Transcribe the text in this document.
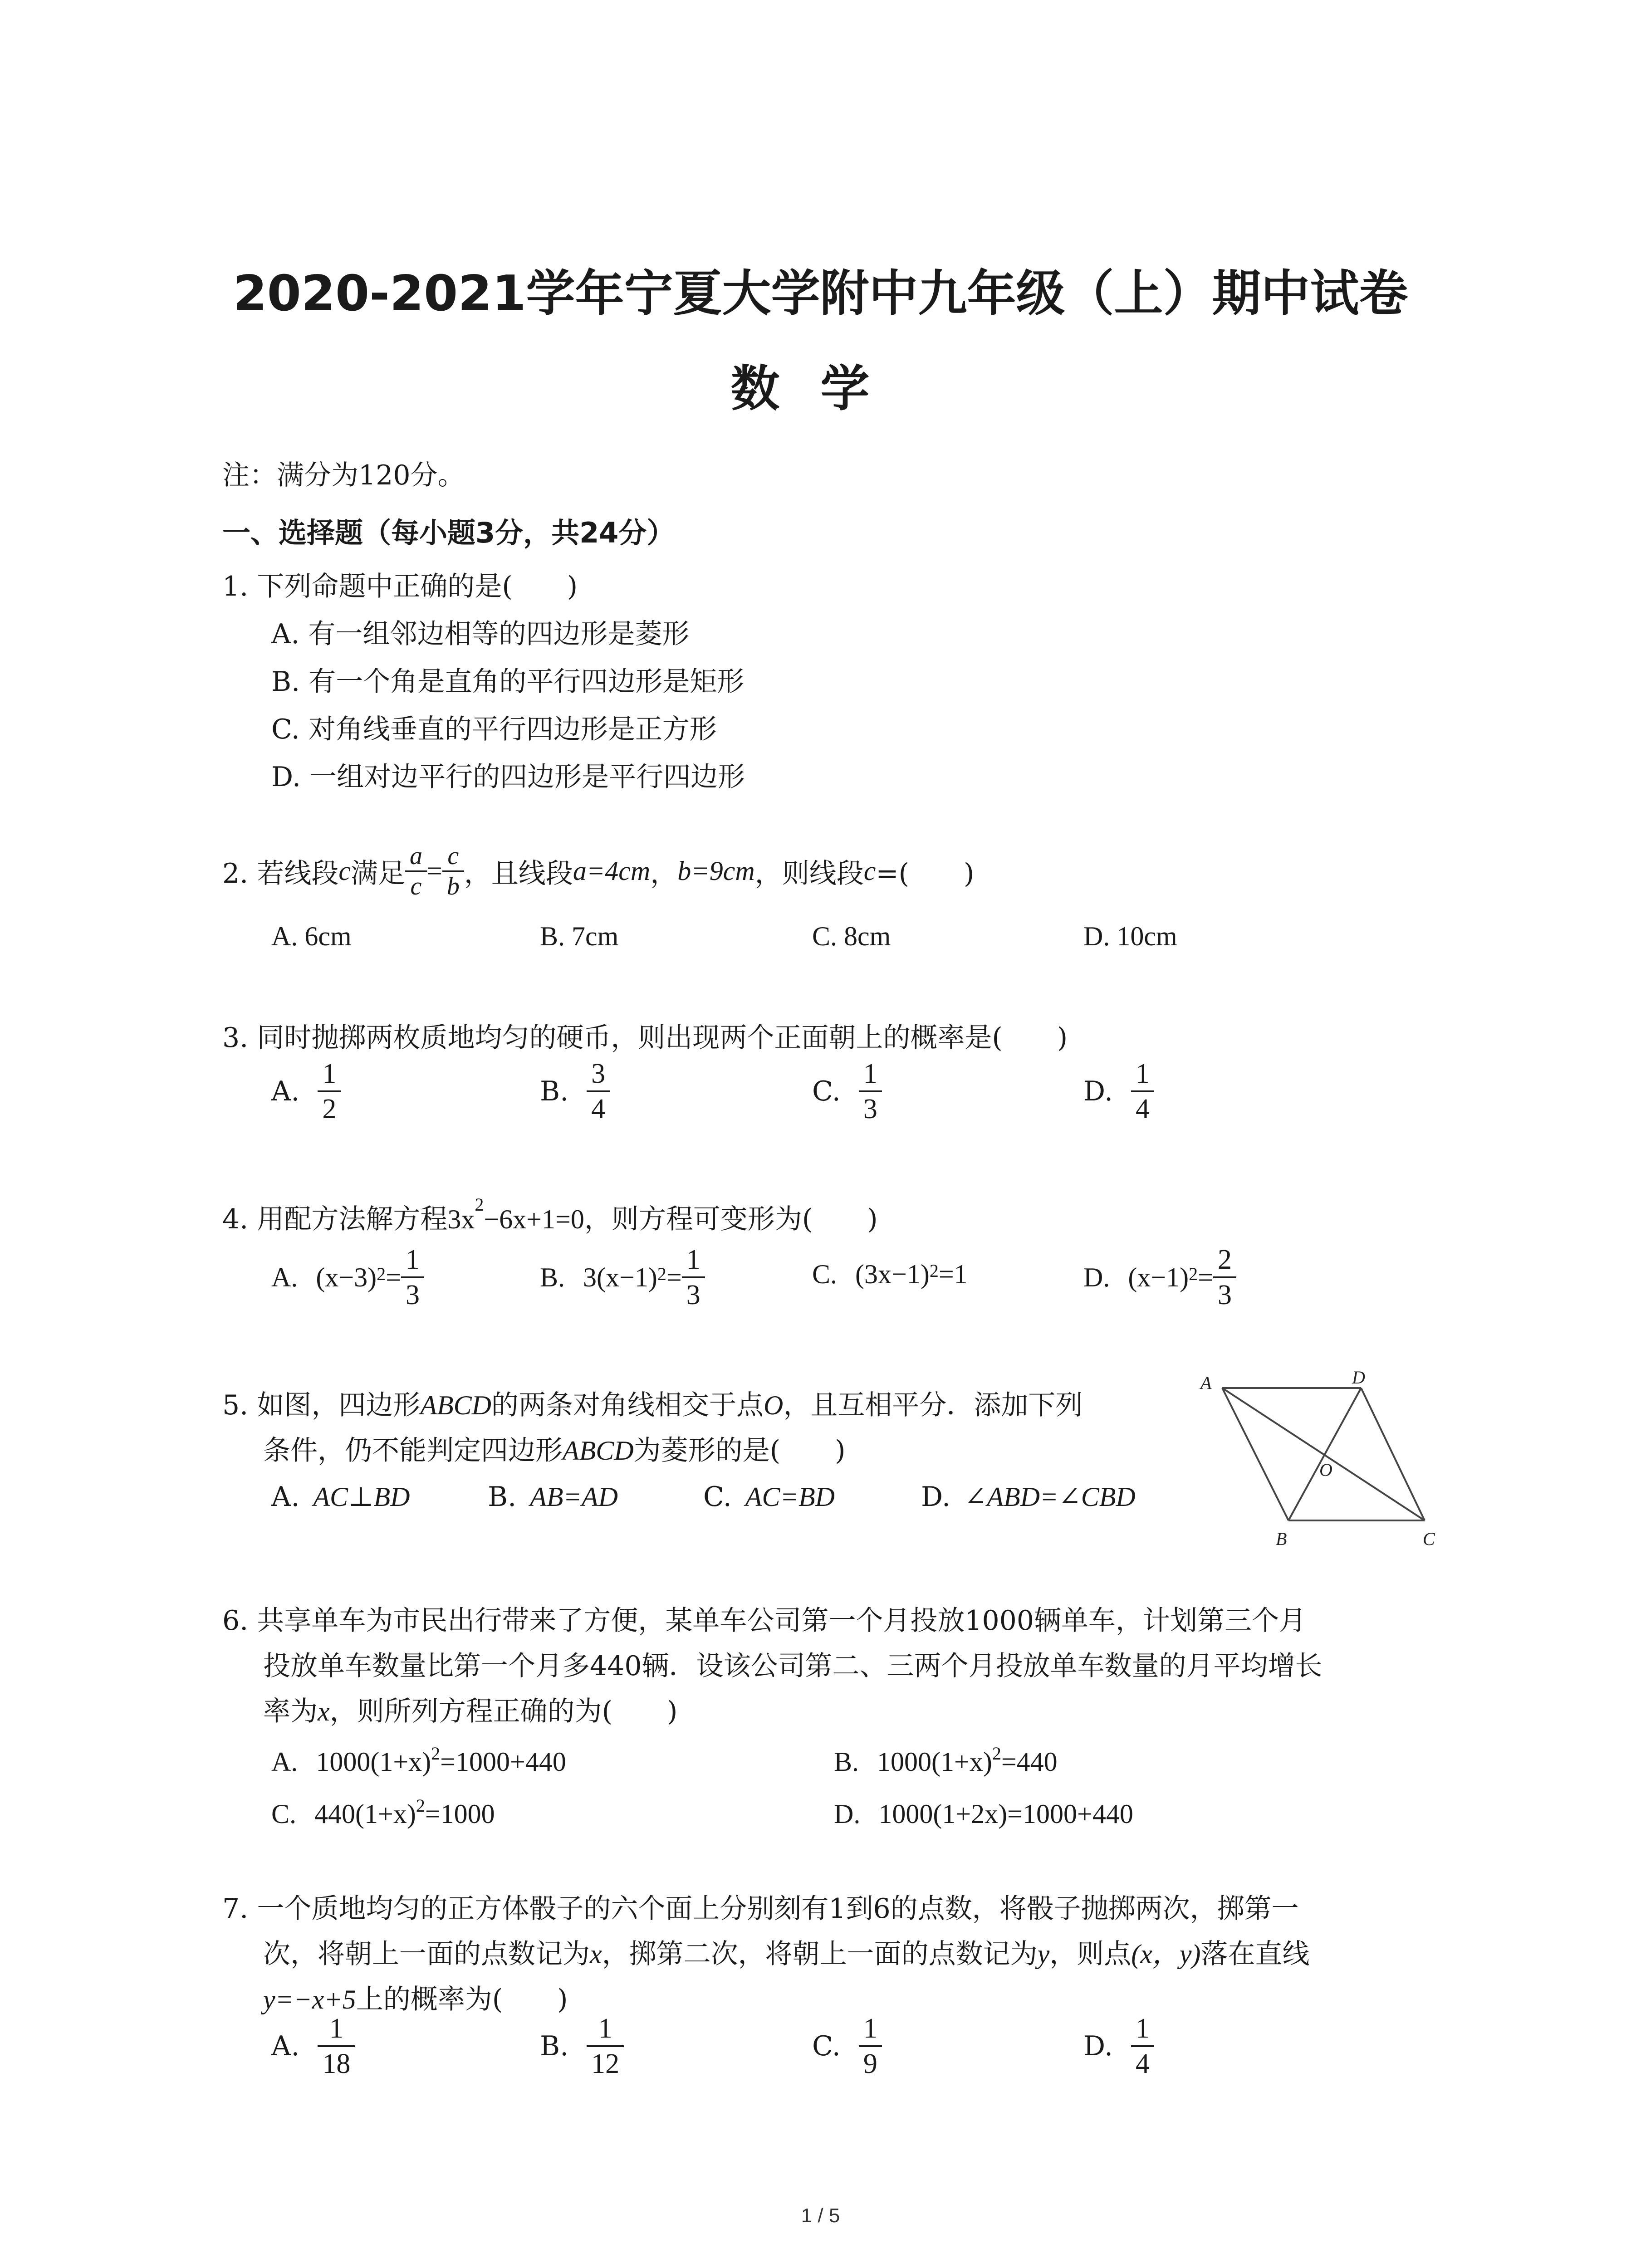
2020-2021学年宁夏大学附中九年级（上）期中试卷
数学
注：满分为120分。
一、选择题（每小题3分，共24分）
1. 下列命题中正确的是(　　)
A. 有一组邻边相等的四边形是菱形
B. 有一个角是直角的平行四边形是矩形
C. 对角线垂直的平行四边形是正方形
D. 一组对边平行的四边形是平行四边形
2. 若线段 c 满足 $\frac{a}{c} = \frac{c}{b}$ ，且线段 a=4cm ， b=9cm ，则线段 c =(　　)
A. 6cm	B. 7cm	C. 8cm	D. 10cm
3. 同时抛掷两枚质地均匀的硬币，则出现两个正面朝上的概率是(　　)
A. $\frac{1}{2}$	B. $\frac{3}{4}$	C. $\frac{1}{3}$	D. $\frac{1}{4}$
4. 用配方法解方程$3x^2-6x+1=0$，则方程可变形为(　　)
A. $(x-3)^2 = \frac{1}{3}$	B. $3(x-1)^2 = \frac{1}{3}$	C. $(3x-1)^2 =1$	D. $(x-1)^2 = \frac{2}{3}$
5. 如图，四边形ABCD的两条对角线相交于点O，且互相平分．添加下列
条件，仍不能判定四边形ABCD为菱形的是(　　)
A. AC⊥BD	B. AB=AD	C. AC=BD	D. ∠ABD=∠CBD
A	D
B	C
O
6. 共享单车为市民出行带来了方便，某单车公司第一个月投放1000辆单车，计划第三个月
投放单车数量比第一个月多440辆．设该公司第二、三两个月投放单车数量的月平均增长
率为x，则所列方程正确的为(　　)
A. $1000(1+x)^2=1000+440$	B. $1000(1+x)^2=440$
C. $440(1+x)^2=1000$	D. 1000(1+2x)=1000+440
7. 一个质地均匀的正方体骰子的六个面上分别刻有1到6的点数，将骰子抛掷两次，掷第一
次，将朝上一面的点数记为x，掷第二次，将朝上一面的点数记为y，则点(x，y)落在直线
y=−x+5上的概率为(　　)
A. $\frac{1}{18}$	B. $\frac{1}{12}$	C. $\frac{1}{9}$	D. $\frac{1}{4}$
1 / 5
